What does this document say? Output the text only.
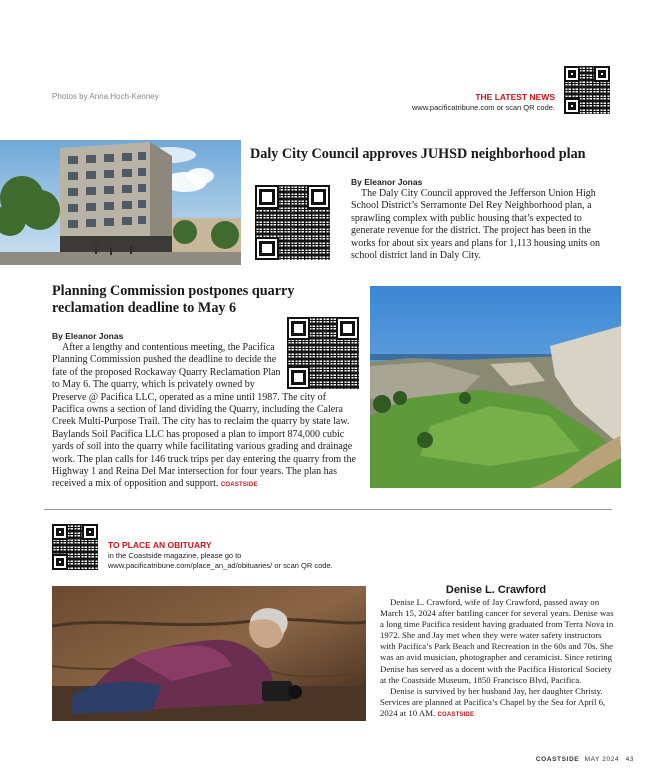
Photos by Anna Hoch-Kenney	THE LATEST NEWS
www.pacificatribune.com or scan QR code.
Daly City Council approves JUHSD neighborhood plan
By Eleanor Jonas

The Daly City Council approved the Jefferson Union High School District’s Serramonte Del Rey Neighborhood plan, a sprawling complex with public housing that’s expected to generate revenue for the district. The project has been in the works for about six years and plans for 1,113 housing units on school district land in Daly City.

Planning Commission postpones quarry reclamation deadline to May 6
By Eleanor Jonas

After a lengthy and contentious meeting, the Pacifica Planning Commission pushed the deadline to decide the fate of the proposed Rockaway Quarry Reclamation Plan to May 6. The quarry, which is privately owned by Preserve @ Pacifica LLC, operated as a mine until 1987. The city of Pacifica owns a section of land dividing the Quarry, including the Calera Creek Multi-Purpose Trail. The city has to reclaim the quarry by state law. Baylands Soil Pacifica LLC has proposed a plan to import 874,000 cubic yards of soil into the quarry while facilitating various grading and drainage work. The plan calls for 146 truck trips per day entering the quarry from the Highway 1 and Reina Del Mar intersection for four years. The plan has received a mix of opposition and support. COASTSIDE

TO PLACE AN OBITUARY
in the Coastside magazine, please go to
www.pacificatribune.com/place_an_ad/obituaries/ or scan QR code.
Denise L. Crawford

Denise L. Crawford, wife of Jay Crawford, passed away on March 15, 2024 after battling cancer for several years. Denise was a long time Pacifica resident having graduated from Terra Nova in 1972. She and Jay met when they were water safety instructors with Pacifica’s Park Beach and Recreation in the 60s and 70s. She was an avid musician, photographer and ceramicist. Since retiring Denise has served as a docent with the Pacifica Historical Society at the Coastside Museum, 1850 Francisco Blvd, Pacifica.

Denise is survived by her husband Jay, her daughter Christy. Services are planned at Pacifica’s Chapel by the Sea for April 6, 2024 at 10 AM. COASTSIDE

COASTSIDE MAY 2024 43
